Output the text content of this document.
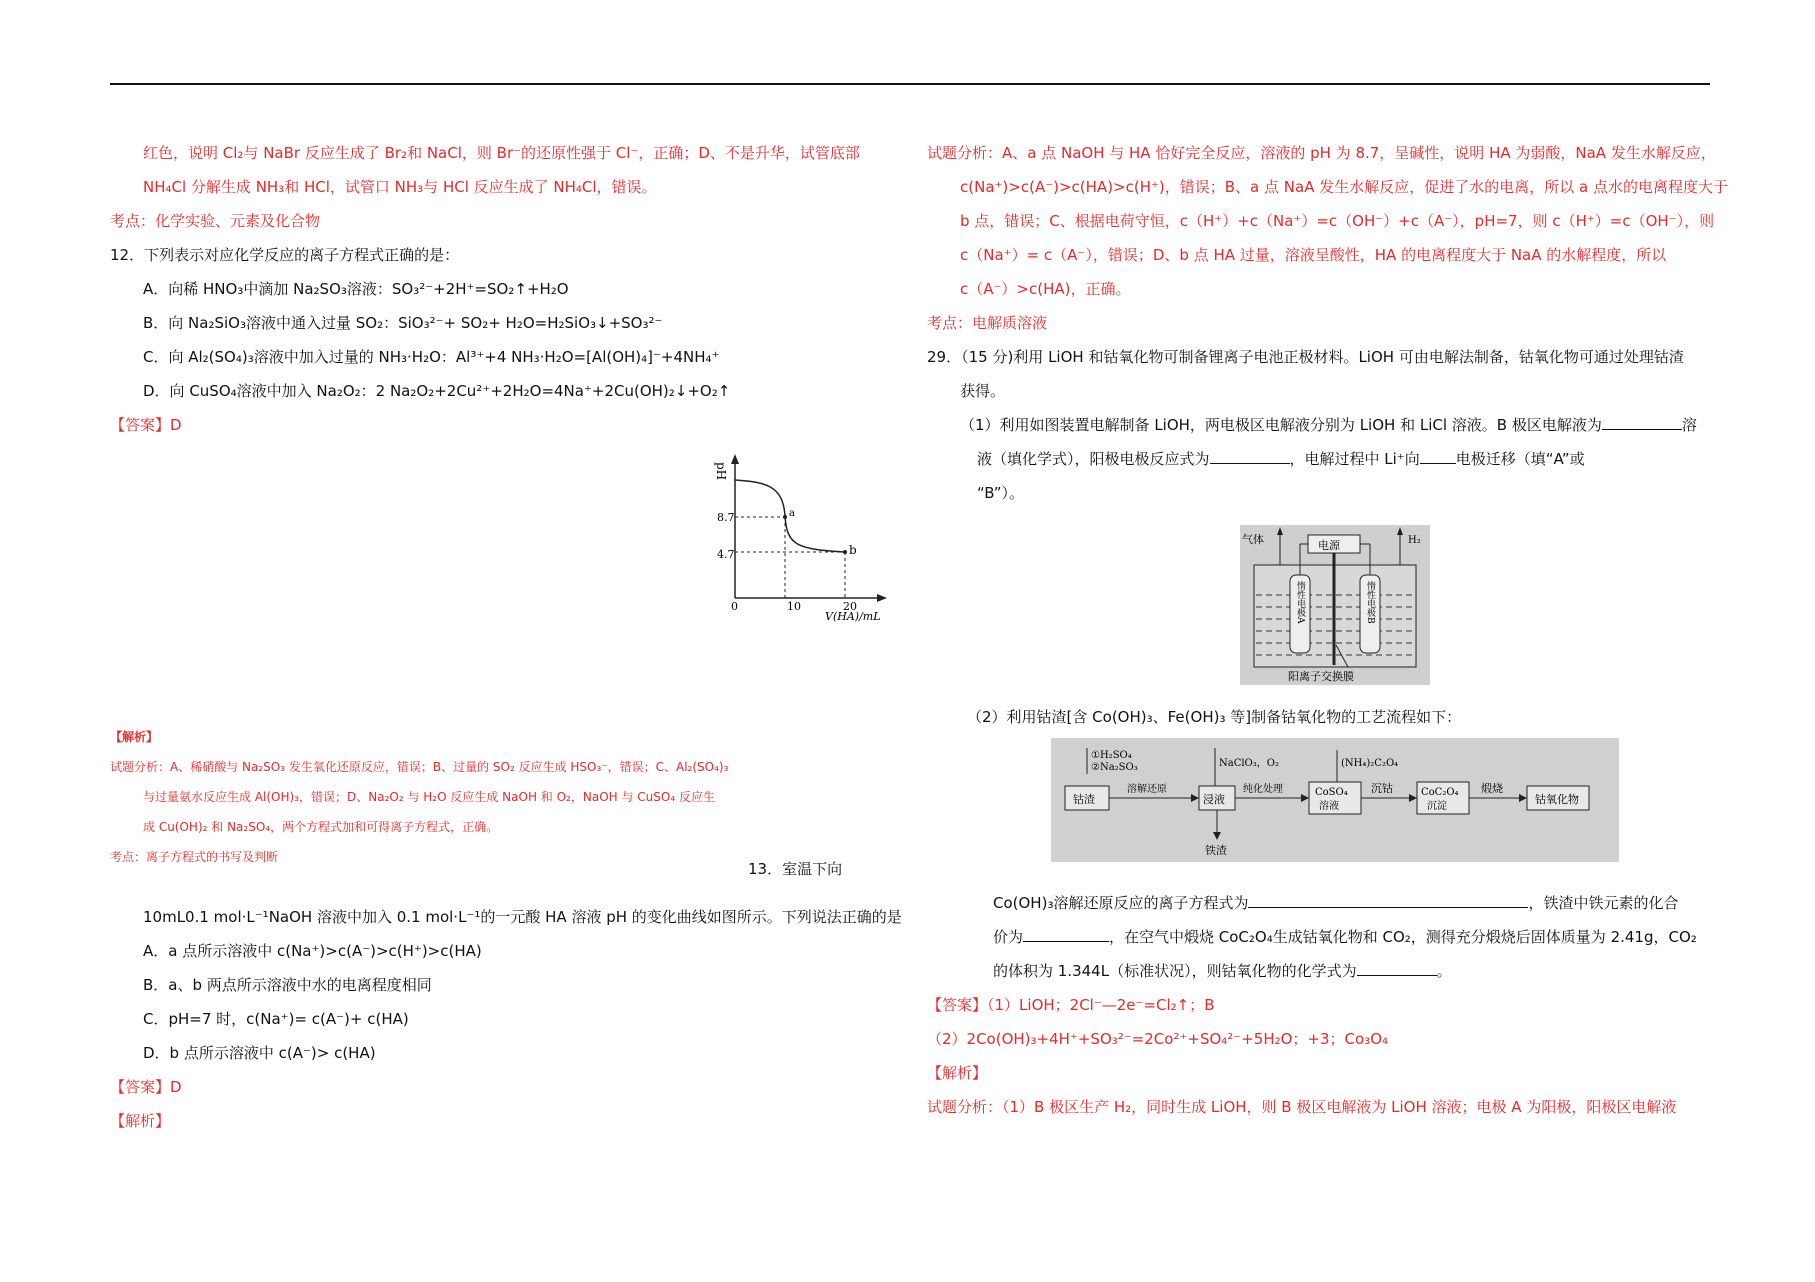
红色，说明 Cl₂与 NaBr 反应生成了 Br₂和 NaCl，则 Br⁻的还原性强于 Cl⁻，正确；D、不是升华，试管底部
NH₄Cl 分解生成 NH₃和 HCl，试管口 NH₃与 HCl 反应生成了 NH₄Cl，错误。
考点：化学实验、元素及化合物
12．下列表示对应化学反应的离子方程式正确的是：
A．向稀 HNO₃中滴加 Na₂SO₃溶液：SO₃²⁻+2H⁺=SO₂↑+H₂O
B．向 Na₂SiO₃溶液中通入过量 SO₂：SiO₃²⁻+ SO₂+ H₂O=H₂SiO₃↓+SO₃²⁻
C．向 Al₂(SO₄)₃溶液中加入过量的 NH₃·H₂O：Al³⁺+4 NH₃·H₂O=[Al(OH)₄]⁻+4NH₄⁺
D．向 CuSO₄溶液中加入 Na₂O₂：2 Na₂O₂+2Cu²⁺+2H₂O=4Na⁺+2Cu(OH)₂↓+O₂↑
【答案】D
pH
8.7
4.7
0	10	20
V(HA)/mL
a
b
【解析】
试题分析：A、稀硝酸与 Na₂SO₃ 发生氧化还原反应，错误；B、过量的 SO₂ 反应生成 HSO₃⁻，错误；C、Al₂(SO₄)₃
与过量氨水反应生成 Al(OH)₃，错误；D、Na₂O₂ 与 H₂O 反应生成 NaOH 和 O₂，NaOH 与 CuSO₄ 反应生
成 Cu(OH)₂ 和 Na₂SO₄，两个方程式加和可得离子方程式，正确。
考点：离子方程式的书写及判断
13．室温下向
10mL0.1 mol·L⁻¹NaOH 溶液中加入 0.1 mol·L⁻¹的一元酸 HA 溶液 pH 的变化曲线如图所示。下列说法正确的是
A．a 点所示溶液中 c(Na⁺)>c(A⁻)>c(H⁺)>c(HA)
B．a、b 两点所示溶液中水的电离程度相同
C．pH=7 时，c(Na⁺)= c(A⁻)+ c(HA)
D．b 点所示溶液中 c(A⁻)> c(HA)
【答案】D
【解析】
试题分析：A、a 点 NaOH 与 HA 恰好完全反应，溶液的 pH 为 8.7，呈碱性，说明 HA 为弱酸，NaA 发生水解反应，
c(Na⁺)>c(A⁻)>c(HA)>c(H⁺)，错误；B、a 点 NaA 发生水解反应，促进了水的电离，所以 a 点水的电离程度大于
b 点，错误；C、根据电荷守恒，c（H⁺）+c（Na⁺）=c（OH⁻）+c（A⁻），pH=7，则 c（H⁺）=c（OH⁻），则
c（Na⁺）= c（A⁻），错误；D、b 点 HA 过量，溶液呈酸性，HA 的电离程度大于 NaA 的水解程度，所以
c（A⁻）>c(HA)，正确。
考点：电解质溶液
29．（15 分)利用 LiOH 和钴氧化物可制备锂离子电池正极材料。LiOH 可由电解法制备，钴氧化物可通过处理钴渣
获得。
（1）利用如图装置电解制备 LiOH，两电极区电解液分别为 LiOH 和 LiCl 溶液。B 极区电解液为	溶
液（填化学式），阳极电极反应式为	，电解过程中 Li⁺向 电极迁移（填“A”或
“B”）。
电源
气体	H₂
惰性电极A	惰性电极B
阳离子交换膜
（2）利用钴渣[含 Co(OH)₃、Fe(OH)₃ 等]制备钴氧化物的工艺流程如下：
①H₂SO₄
②Na₂SO₃	NaClO₃，O₂	(NH₄)₂C₂O₄
钴渣
溶解还原
浸液
铁渣
纯化处理	CoSO₄
溶液
沉钴	CoC₂O₄
沉淀
煅烧
钴氧化物
Co(OH)₃溶解还原反应的离子方程式为	，铁渣中铁元素的化合
价为	，在空气中煅烧 CoC₂O₄生成钴氧化物和 CO₂，测得充分煅烧后固体质量为 2.41g，CO₂
的体积为 1.344L（标准状况），则钴氧化物的化学式为	。
【答案】（1）LiOH；2Cl⁻—2e⁻=Cl₂↑；B
（2）2Co(OH)₃+4H⁺+SO₃²⁻=2Co²⁺+SO₄²⁻+5H₂O；+3；Co₃O₄
【解析】
试题分析：（1）B 极区生产 H₂，同时生成 LiOH，则 B 极区电解液为 LiOH 溶液；电极 A 为阳极，阳极区电解液
